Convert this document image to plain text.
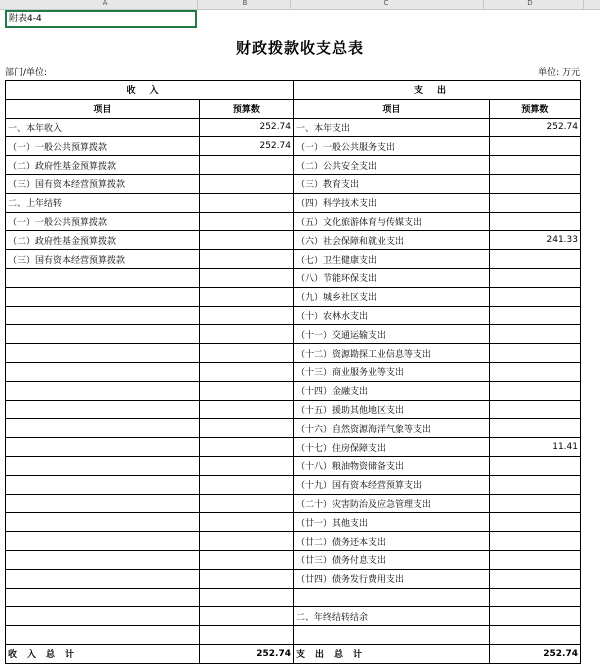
A	B	C	D
附表4-4
财政拨款收支总表
部门/单位:	单位: 万元
收入		支出	
项目	预算数	项目	预算数
一、本年收入	252.74	一、本年支出	252.74
（一）一般公共预算拨款	252.74	（一）一般公共服务支出	
（二）政府性基金预算拨款		（二）公共安全支出	
（三）国有资本经营预算拨款		（三）教育支出	
二、上年结转		（四）科学技术支出	
（一）一般公共预算拨款		（五）文化旅游体育与传媒支出	
（二）政府性基金预算拨款		（六）社会保障和就业支出	241.33
（三）国有资本经营预算拨款		（七）卫生健康支出	
		（八）节能环保支出	
		（九）城乡社区支出	
		（十）农林水支出	
		（十一）交通运输支出	
		（十二）资源勘探工业信息等支出	
		（十三）商业服务业等支出	
		（十四）金融支出	
		（十五）援助其他地区支出	
		（十六）自然资源海洋气象等支出	
		（十七）住房保障支出	11.41
		（十八）粮油物资储备支出	
		（十九）国有资本经营预算支出	
		（二十）灾害防治及应急管理支出	
		（廿一）其他支出	
		（廿二）债务还本支出	
		（廿三）债务付息支出	
		（廿四）债务发行费用支出	

		二、年终结转结余	

收入总计	252.74	支出总计	252.74
